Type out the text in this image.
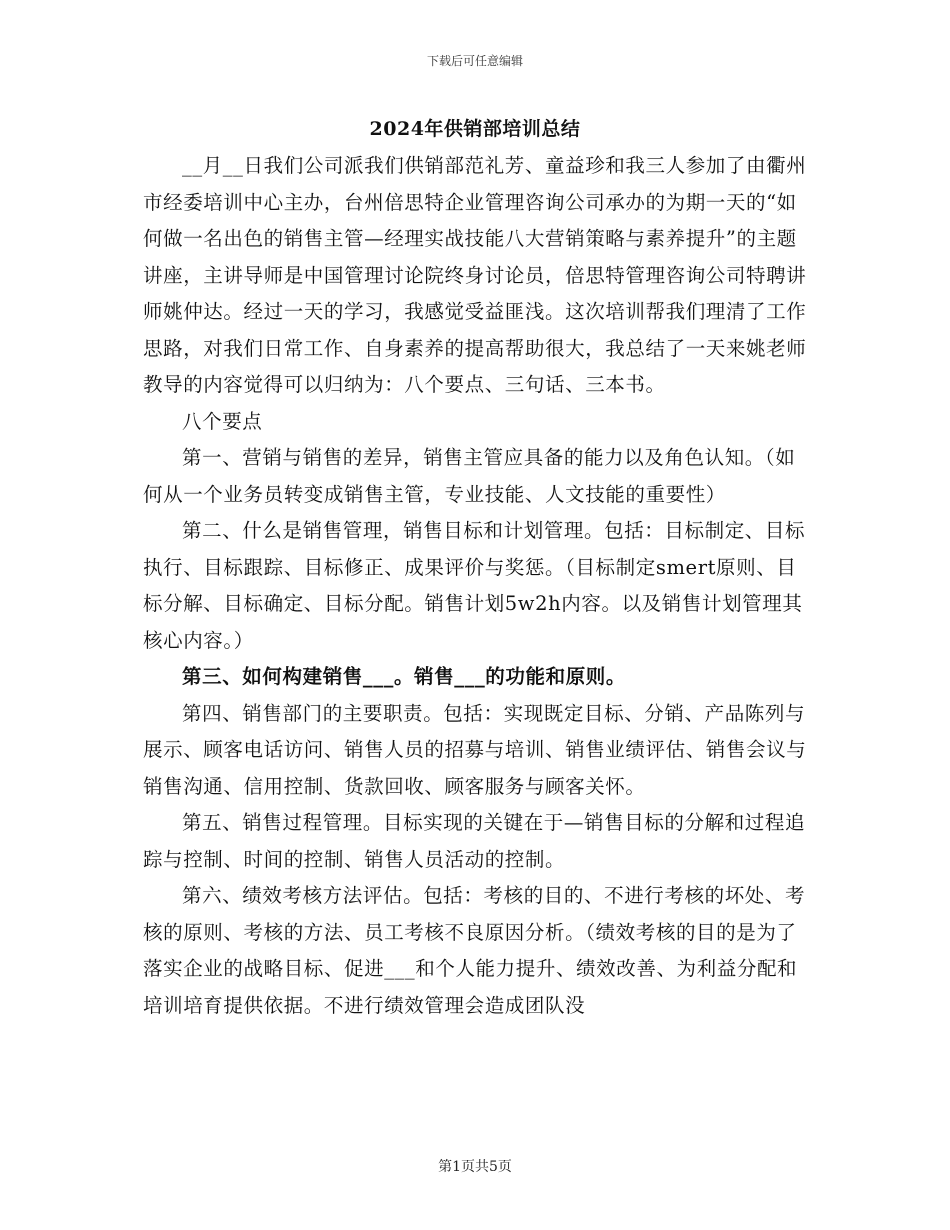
下载后可任意编辑
2024年供销部培训总结

__月__日我们公司派我们供销部范礼芳、童益珍和我三人参加了由衢州市经委培训中心主办，台州倍思特企业管理咨询公司承办的为期一天的“如何做一名出色的销售主管—经理实战技能八大营销策略与素养提升”的主题讲座，主讲导师是中国管理讨论院终身讨论员，倍思特管理咨询公司特聘讲师姚仲达。经过一天的学习，我感觉受益匪浅。这次培训帮我们理清了工作思路，对我们日常工作、自身素养的提高帮助很大，我总结了一天来姚老师教导的内容觉得可以归纳为：八个要点、三句话、三本书。

八个要点

第一、营销与销售的差异，销售主管应具备的能力以及角色认知。（如何从一个业务员转变成销售主管，专业技能、人文技能的重要性）

第二、什么是销售管理，销售目标和计划管理。包括：目标制定、目标执行、目标跟踪、目标修正、成果评价与奖惩。（目标制定smert原则、目标分解、目标确定、目标分配。销售计划5w2h内容。以及销售计划管理其核心内容。）

第三、如何构建销售___。销售___的功能和原则。

第四、销售部门的主要职责。包括：实现既定目标、分销、产品陈列与展示、顾客电话访问、销售人员的招募与培训、销售业绩评估、销售会议与销售沟通、信用控制、货款回收、顾客服务与顾客关怀。

第五、销售过程管理。目标实现的关键在于—销售目标的分解和过程追踪与控制、时间的控制、销售人员活动的控制。

第六、绩效考核方法评估。包括：考核的目的、不进行考核的坏处、考核的原则、考核的方法、员工考核不良原因分析。（绩效考核的目的是为了落实企业的战略目标、促进___和个人能力提升、绩效改善、为利益分配和培训培育提供依据。不进行绩效管理会造成团队没

第1页共5页
